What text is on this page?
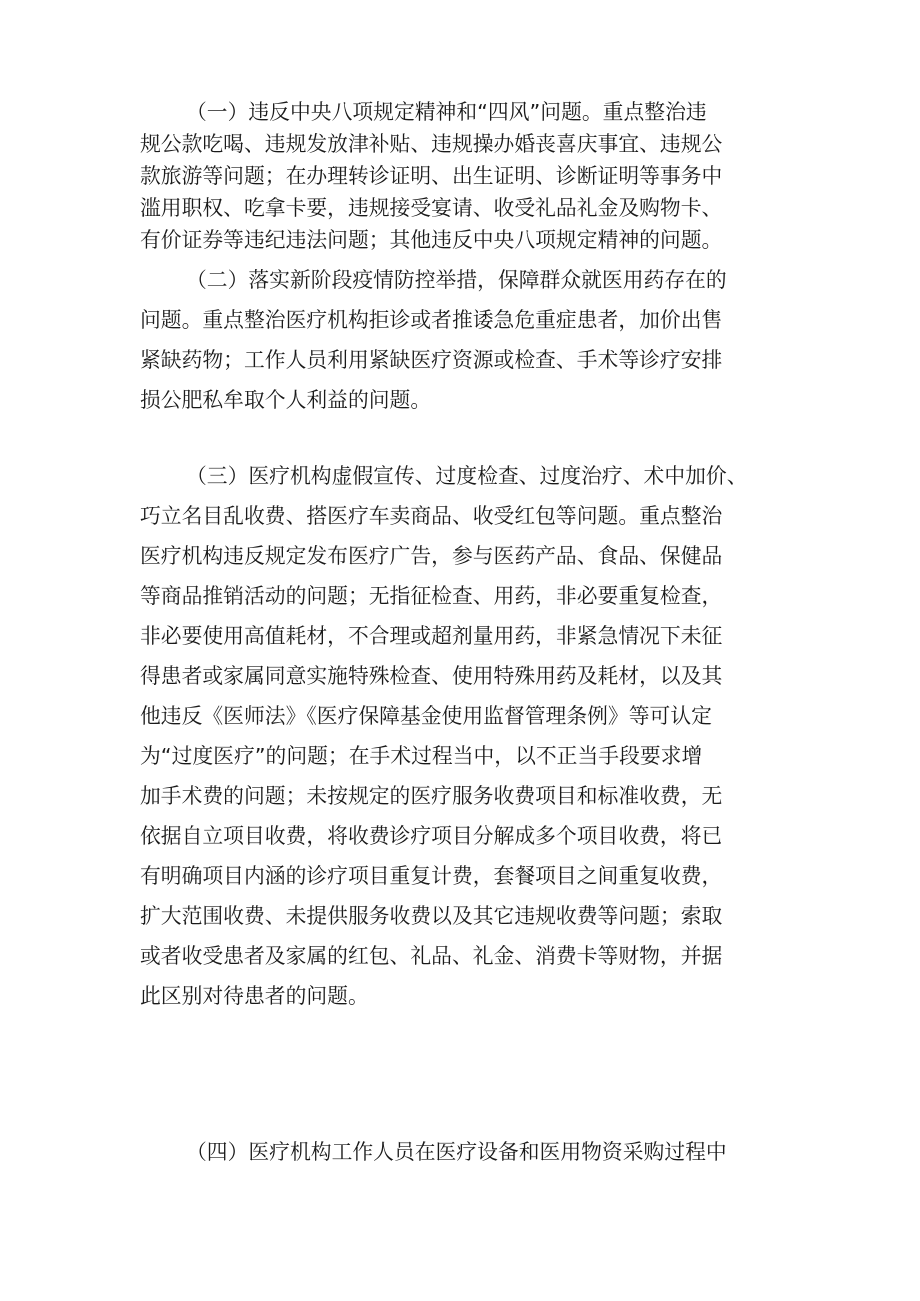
（一）违反中央八项规定精神和“四风”问题。重点整治违
规公款吃喝、违规发放津补贴、违规操办婚丧喜庆事宜、违规公
款旅游等问题；在办理转诊证明、出生证明、诊断证明等事务中
滥用职权、吃拿卡要，违规接受宴请、收受礼品礼金及购物卡、
有价证券等违纪违法问题；其他违反中央八项规定精神的问题。
（二）落实新阶段疫情防控举措，保障群众就医用药存在的
问题。重点整治医疗机构拒诊或者推诿急危重症患者，加价出售
紧缺药物；工作人员利用紧缺医疗资源或检查、手术等诊疗安排
损公肥私牟取个人利益的问题。
（三）医疗机构虚假宣传、过度检查、过度治疗、术中加价、
巧立名目乱收费、搭医疗车卖商品、收受红包等问题。重点整治
医疗机构违反规定发布医疗广告，参与医药产品、食品、保健品
等商品推销活动的问题；无指征检查、用药，非必要重复检查，
非必要使用高值耗材，不合理或超剂量用药，非紧急情况下未征
得患者或家属同意实施特殊检查、使用特殊用药及耗材，以及其
他违反《医师法》《医疗保障基金使用监督管理条例》等可认定
为“过度医疗”的问题；在手术过程当中，以不正当手段要求增
加手术费的问题；未按规定的医疗服务收费项目和标准收费，无
依据自立项目收费，将收费诊疗项目分解成多个项目收费，将已
有明确项目内涵的诊疗项目重复计费，套餐项目之间重复收费，
扩大范围收费、未提供服务收费以及其它违规收费等问题；索取
或者收受患者及家属的红包、礼品、礼金、消费卡等财物，并据
此区别对待患者的问题。
（四）医疗机构工作人员在医疗设备和医用物资采购过程中
